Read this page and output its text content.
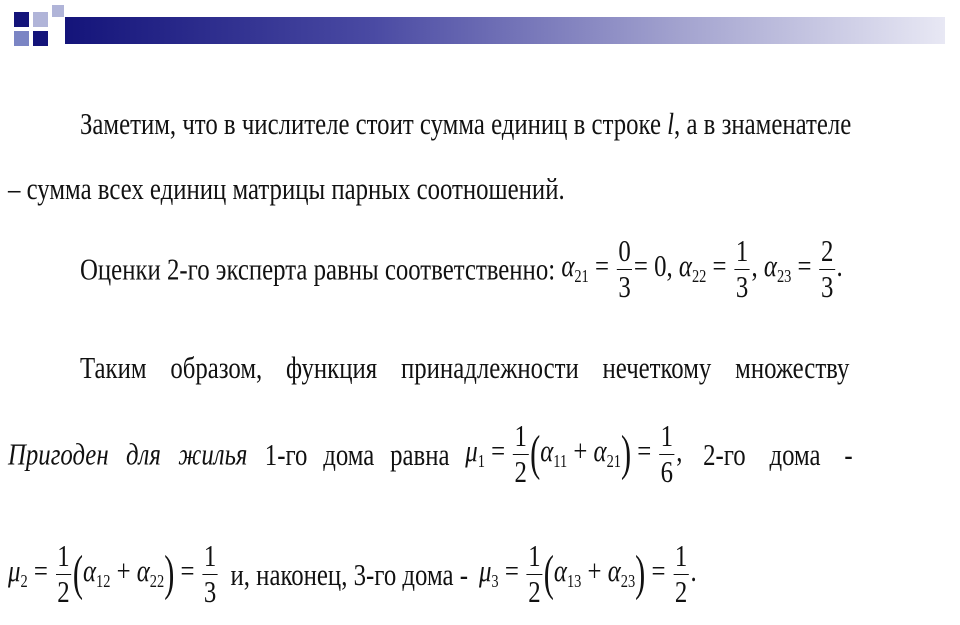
Заметим, что в числителе стоит сумма единиц в строке l, а в знаменателе
– сумма всех единиц матрицы парных соотношений.
Оценки 2-го эксперта равны соответственно: $\alpha_{21} = \frac{0}{3} = 0$, $\alpha_{22} = \frac{1}{3}$ , $\alpha_{23} = \frac{2}{3}$ .
Таким образом, функция принадлежности нечеткому множеству
Пригоден для жилья 1-го дома равна $\mu_1 = \frac{1}{2} (\alpha_{11} + \alpha_{21}) = \frac{1}{6}$ , 2-го дома -
$\mu_2 = \frac{1}{2} (\alpha_{12} + \alpha_{22}) = \frac{1}{3} и$, наконец, 3-го дома - $\mu_3 = \frac{1}{2} (\alpha_{13} + \alpha_{23}) = \frac{1}{2}$ .
